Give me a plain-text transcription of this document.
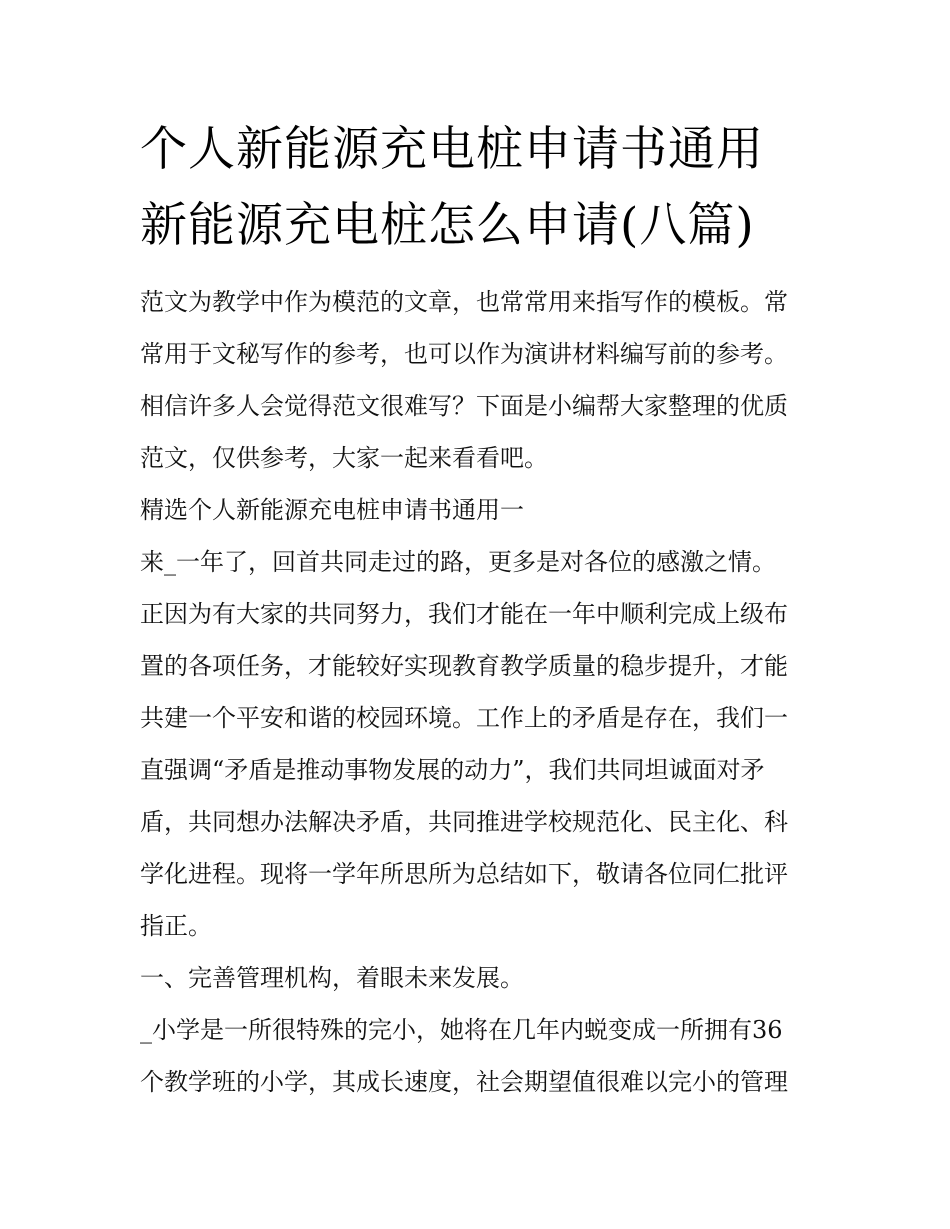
个人新能源充电桩申请书通用
新能源充电桩怎么申请(八篇)
范文为教学中作为模范的文章，也常常用来指写作的模板。常
常用于文秘写作的参考，也可以作为演讲材料编写前的参考。
相信许多人会觉得范文很难写？下面是小编帮大家整理的优质
范文，仅供参考，大家一起来看看吧。
精选个人新能源充电桩申请书通用一
来_一年了，回首共同走过的路，更多是对各位的感激之情。
正因为有大家的共同努力，我们才能在一年中顺利完成上级布
置的各项任务，才能较好实现教育教学质量的稳步提升，才能
共建一个平安和谐的校园环境。工作上的矛盾是存在，我们一
直强调“矛盾是推动事物发展的动力”，我们共同坦诚面对矛
盾，共同想办法解决矛盾，共同推进学校规范化、民主化、科
学化进程。现将一学年所思所为总结如下，敬请各位同仁批评
指正。
一、完善管理机构，着眼未来发展。
_小学是一所很特殊的完小，她将在几年内蜕变成一所拥有36
个教学班的小学，其成长速度，社会期望值很难以完小的管理
